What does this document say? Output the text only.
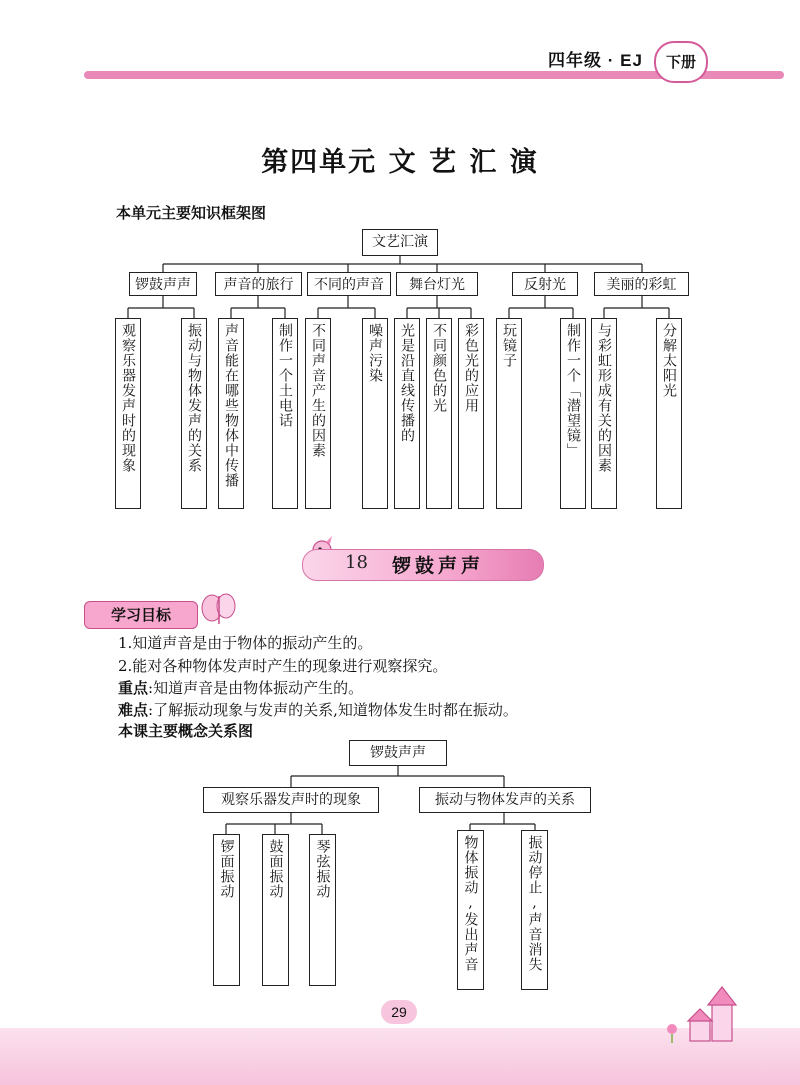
四年级 · EJ	下册
第四单元 文 艺 汇 演
本单元主要知识框架图
文艺汇演
锣鼓声声	声音的旅行	不同的声音	舞台灯光	反射光	美丽的彩虹
观察乐器发声时的现象	振动与物体发声的关系	声音能在哪些物体中传播	制作一个土电话	不同声音产生的因素	噪声污染	光是沿直线传播的	不同颜色的光	彩色光的应用	玩镜子	制作一个「潜望镜」	与彩虹形成有关的因素	分解太阳光
18 锣鼓声声
学习目标
1.知道声音是由于物体的振动产生的。
2.能对各种物体发声时产生的现象进行观察探究。
重点:知道声音是由物体振动产生的。
难点:了解振动现象与发声的关系,知道物体发生时都在振动。
本课主要概念关系图
锣鼓声声
观察乐器发声时的现象	振动与物体发声的关系
锣面振动	鼓面振动	琴弦振动	物体振动,发出声音	振动停止,声音消失
29
